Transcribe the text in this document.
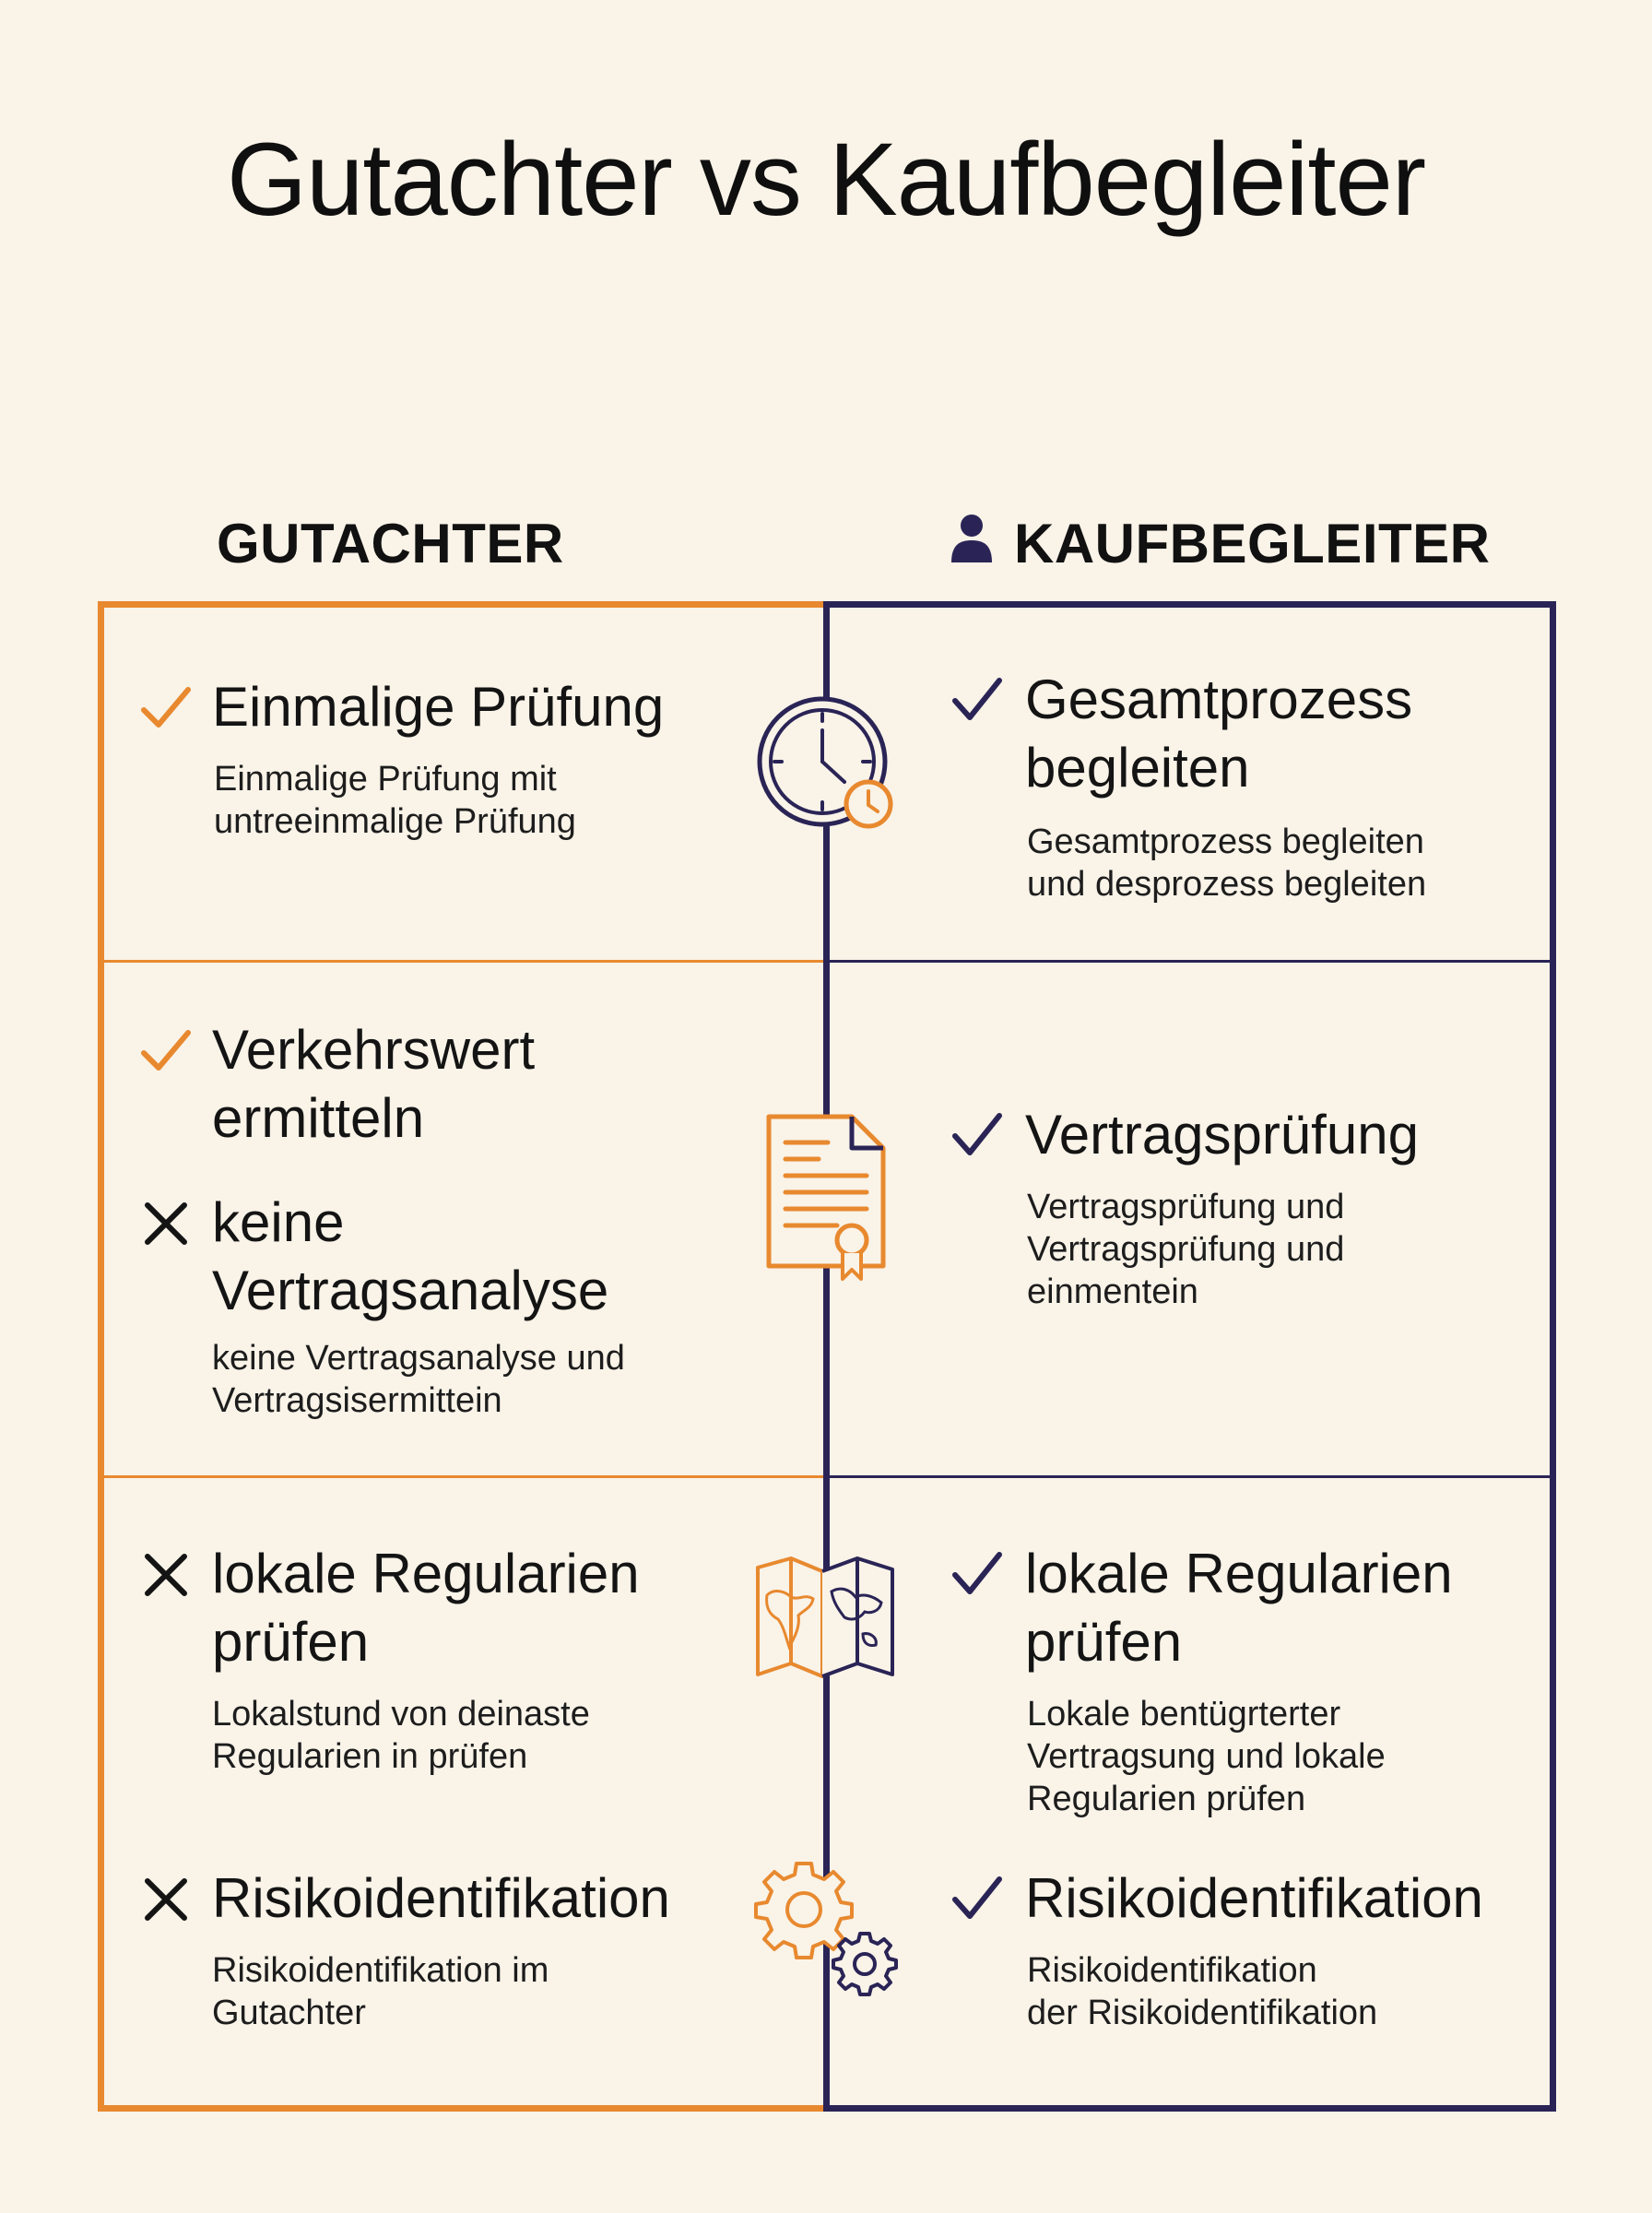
Gutachter vs Kaufbegleiter
GUTACHTER	KAUFBEGLEITER
Einmalige Prüfung
Einmalige Prüfung mit
untreeinmalige Prüfung
Gesamtprozess
begleiten
Gesamtprozess begleiten
und desprozess begleiten
Verkehrswert
ermitteln
keine
Vertragsanalyse
keine Vertragsanalyse und
Vertragsisermittein
Vertragsprüfung
Vertragsprüfung und
Vertragsprüfung und
einmentein
lokale Regularien
prüfen
Lokalstund von deinaste
Regularien in prüfen
lokale Regularien
prüfen
Lokale bentügrterter
Vertragsung und lokale
Regularien prüfen
Risikoidentifikation
Risikoidentifikation im
Gutachter
Risikoidentifikation
Risikoidentifikation
der Risikoidentifikation
